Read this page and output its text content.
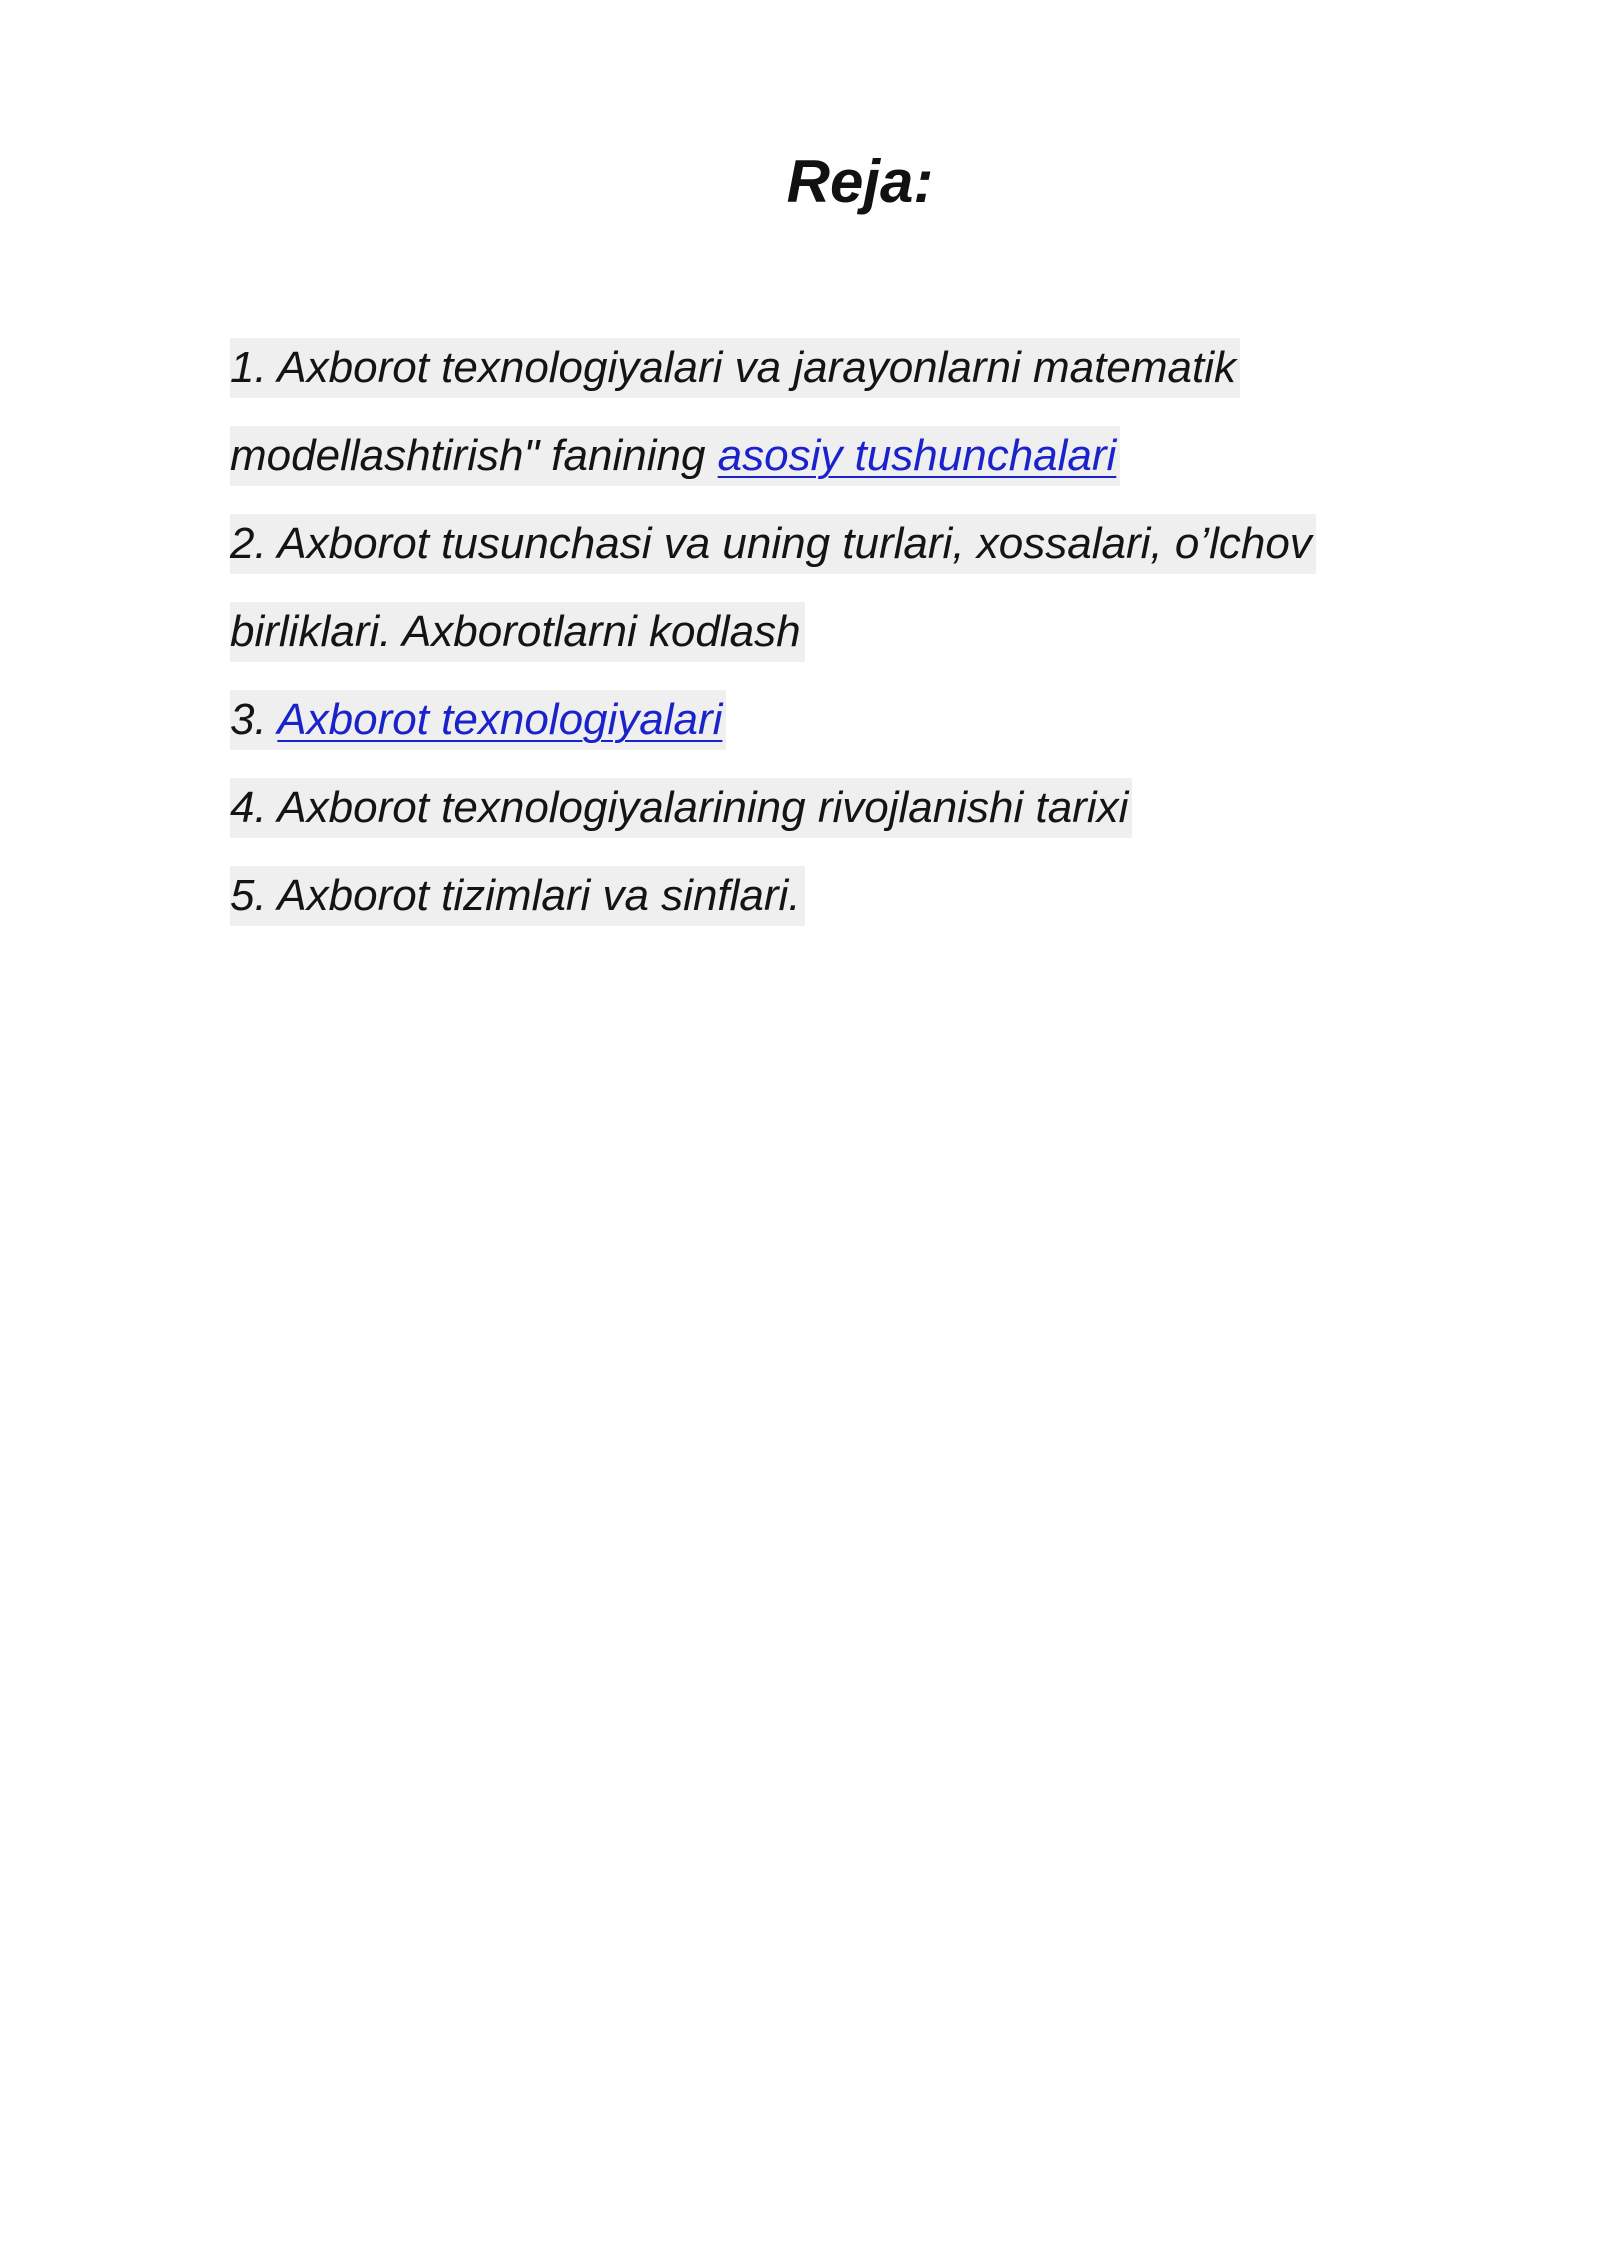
Reja:
1. Axborot texnologiyalari va jarayonlarni matematik
modellashtirish" fanining asosiy tushunchalari
2. Axborot tusunchasi va uning turlari, xossalari, o’lchov
birliklari. Axborotlarni kodlash
3. Axborot texnologiyalari
4. Axborot texnologiyalarining rivojlanishi tarixi
5. Axborot tizimlari va sinflari.
